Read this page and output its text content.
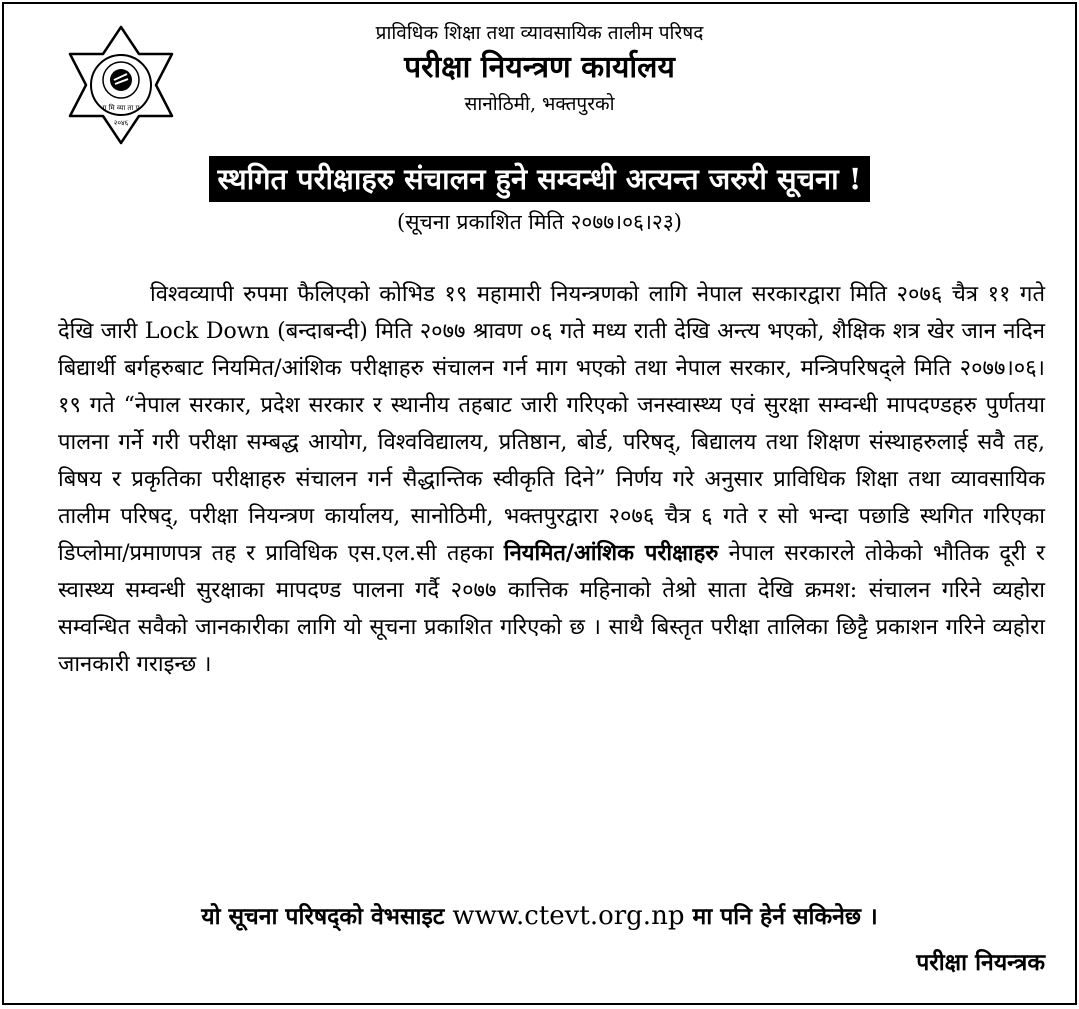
ग मि व्या ता प
२०४६
प्राविधिक शिक्षा तथा व्यावसायिक तालीम परिषद
परीक्षा नियन्त्रण कार्यालय
सानोठिमी, भक्तपुरको
स्थगित परीक्षाहरु संचालन हुने सम्वन्धी अत्यन्त जरुरी सूचना !
(सूचना प्रकाशित मिति २०७७।०६।२३)
विश्वव्यापी रुपमा फैलिएको कोभिड १९ महामारी नियन्त्रणको लागि नेपाल सरकारद्वारा मिति २०७६ चैत्र ११ गते देखि जारी Lock Down (बन्दाबन्दी) मिति २०७७ श्रावण ०६ गते मध्य राती देखि अन्त्य भएको, शैक्षिक शत्र खेर जान नदिन बिद्यार्थी बर्गहरुबाट नियमित/आंशिक परीक्षाहरु संचालन गर्न माग भएको तथा नेपाल सरकार, मन्त्रिपरिषद्ले मिति २०७७।०६।१९ गते “नेपाल सरकार, प्रदेश सरकार र स्थानीय तहबाट जारी गरिएको जनस्वास्थ्य एवं सुरक्षा सम्वन्धी मापदण्डहरु पुर्णतया पालना गर्ने गरी परीक्षा सम्बद्ध आयोग, विश्वविद्यालय, प्रतिष्ठान, बोर्ड, परिषद्, बिद्यालय तथा शिक्षण संस्थाहरुलाई सवै तह, बिषय र प्रकृतिका परीक्षाहरु संचालन गर्न सैद्धान्तिक स्वीकृति दिने” निर्णय गरे अनुसार प्राविधिक शिक्षा तथा व्यावसायिक तालीम परिषद्, परीक्षा नियन्त्रण कार्यालय, सानोठिमी, भक्तपुरद्वारा २०७६ चैत्र ६ गते र सो भन्दा पछाडि स्थगित गरिएका डिप्लोमा/प्रमाणपत्र तह र प्राविधिक एस.एल.सी तहका नियमित/आंशिक परीक्षाहरु नेपाल सरकारले तोकेको भौतिक दूरी र स्वास्थ्य सम्वन्धी सुरक्षाका मापदण्ड पालना गर्दै २०७७ कात्तिक महिनाको तेश्रो साता देखि क्रमश: संचालन गरिने व्यहोरा सम्वन्धित सवैको जानकारीका लागि यो सूचना प्रकाशित गरिएको छ । साथै बिस्तृत परीक्षा तालिका छिट्टै प्रकाशन गरिने व्यहोरा जानकारी गराइन्छ ।
यो सूचना परिषद्को वेभसाइट www.ctevt.org.np मा पनि हेर्न सकिनेछ ।
परीक्षा नियन्त्रक
